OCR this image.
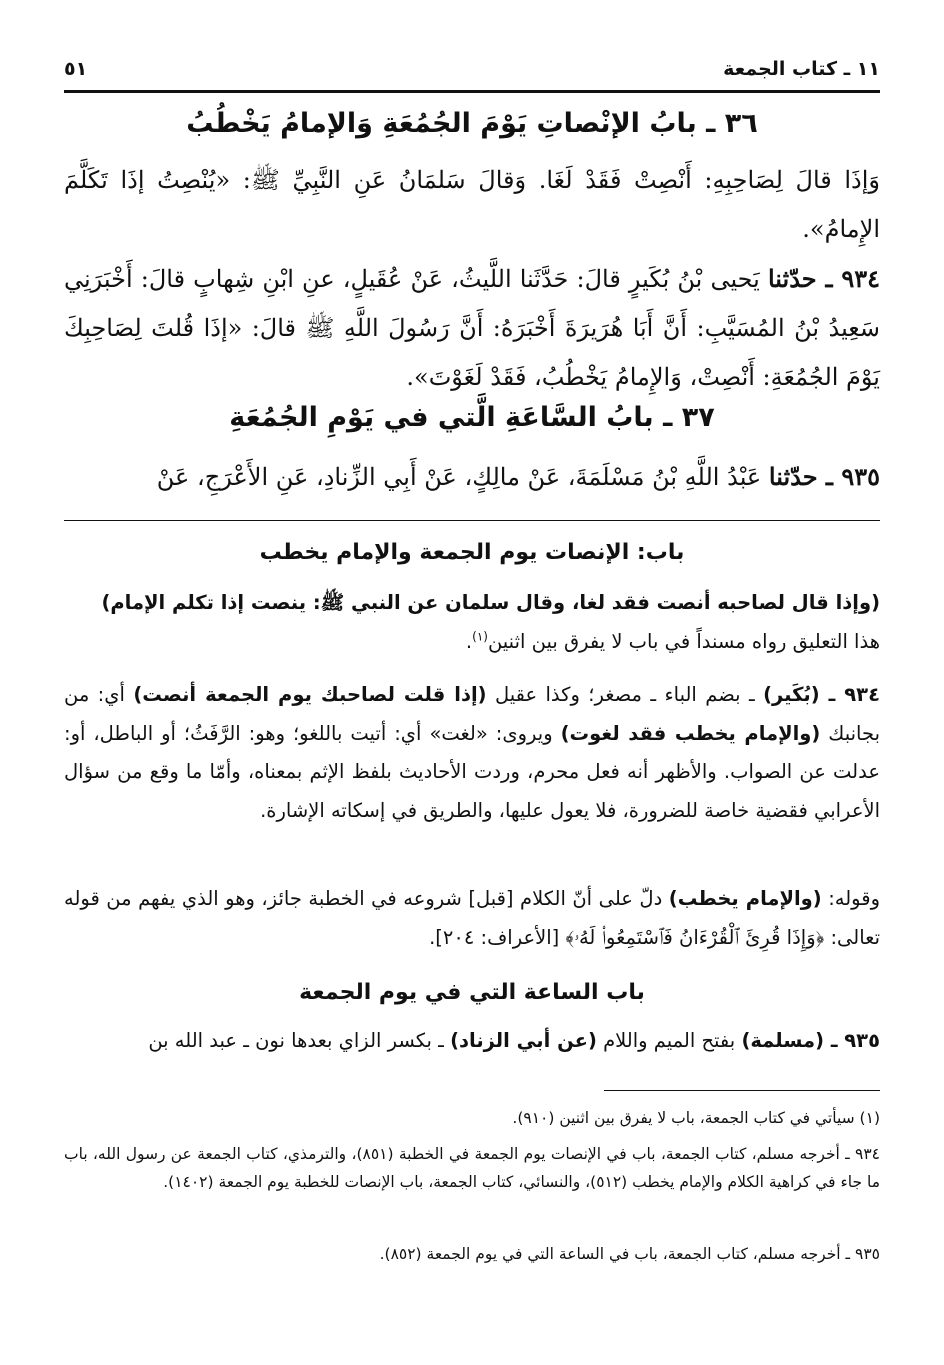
١١ ـ كتاب الجمعة
٥١
٣٦ ـ بابُ الإنْصاتِ يَوْمَ الجُمُعَةِ وَالإمامُ يَخْطُبُ
وَإذَا قالَ لِصَاحِبِهِ: أَنْصِتْ فَقَدْ لَغَا. وَقالَ سَلمَانُ عَنِ النَّبِيِّ ﷺ: «يُنْصِتُ إذَا تَكَلَّمَ الإِمامُ».
٩٣٤ ـ حدّثنا يَحيى بْنُ بُكَيرٍ قالَ: حَدَّثَنا اللَّيثُ، عَنْ عُقَيلٍ، عنِ ابْنِ شِهابٍ قالَ: أَخْبَرَنِي سَعِيدُ بْنُ المُسَيَّبِ: أَنَّ أَبَا هُرَيرَةَ أَخْبَرَهُ: أَنَّ رَسُولَ اللَّهِ ﷺ قالَ: «إذَا قُلتَ لِصَاحِبِكَ يَوْمَ الجُمُعَةِ: أَنْصِتْ، وَالإِمامُ يَخْطُبُ، فَقَدْ لَغَوْتَ».
٣٧ ـ بابُ السَّاعَةِ الَّتي في يَوْمِ الجُمُعَةِ
٩٣٥ ـ حدّثنا عَبْدُ اللَّهِ بْنُ مَسْلَمَةَ، عَنْ مالِكٍ، عَنْ أَبِي الزِّنادِ، عَنِ الأَعْرَجِ، عَنْ
باب: الإنصات يوم الجمعة والإمام يخطب
(وإذا قال لصاحبه أنصت فقد لغا، وقال سلمان عن النبي ﷺ: ينصت إذا تكلم الإمام)
هذا التعليق رواه مسنداً في باب لا يفرق بين اثنين$^{(١)}$.
٩٣٤ ـ (بُكَير) ـ بضم الباء ـ مصغر؛ وكذا عقيل (إذا قلت لصاحبك يوم الجمعة أنصت) أي: من بجانبك (والإمام يخطب فقد لغوت) ويروى: «لغت» أي: أتيت باللغو؛ وهو: الرَّفَثُ؛ أو الباطل، أو: عدلت عن الصواب. والأظهر أنه فعل محرم، وردت الأحاديث بلفظ الإثم بمعناه، وأمّا ما وقع من سؤال الأعرابي فقضية خاصة للضرورة، فلا يعول عليها، والطريق في إسكاته الإشارة.
وقوله: (والإمام يخطب) دلّ على أنّ الكلام [قبل] شروعه في الخطبة جائز، وهو الذي يفهم من قوله تعالى: ﴿وَإِذَا قُرِئَ ٱلْقُرْءَانُ فَٱسْتَمِعُوا۟ لَهُۥ﴾ [الأعراف: ٢٠٤].
باب الساعة التي في يوم الجمعة
٩٣٥ ـ (مسلمة) بفتح الميم واللام (عن أبي الزناد) ـ بكسر الزاي بعدها نون ـ عبد الله بن
(١) سيأتي في كتاب الجمعة، باب لا يفرق بين اثنين (٩١٠).
٩٣٤ ـ أخرجه مسلم، كتاب الجمعة، باب في الإنصات يوم الجمعة في الخطبة (٨٥١)، والترمذي، كتاب الجمعة عن رسول الله، باب ما جاء في كراهية الكلام والإمام يخطب (٥١٢)، والنسائي، كتاب الجمعة، باب الإنصات للخطبة يوم الجمعة (١٤٠٢).
٩٣٥ ـ أخرجه مسلم، كتاب الجمعة، باب في الساعة التي في يوم الجمعة (٨٥٢).
